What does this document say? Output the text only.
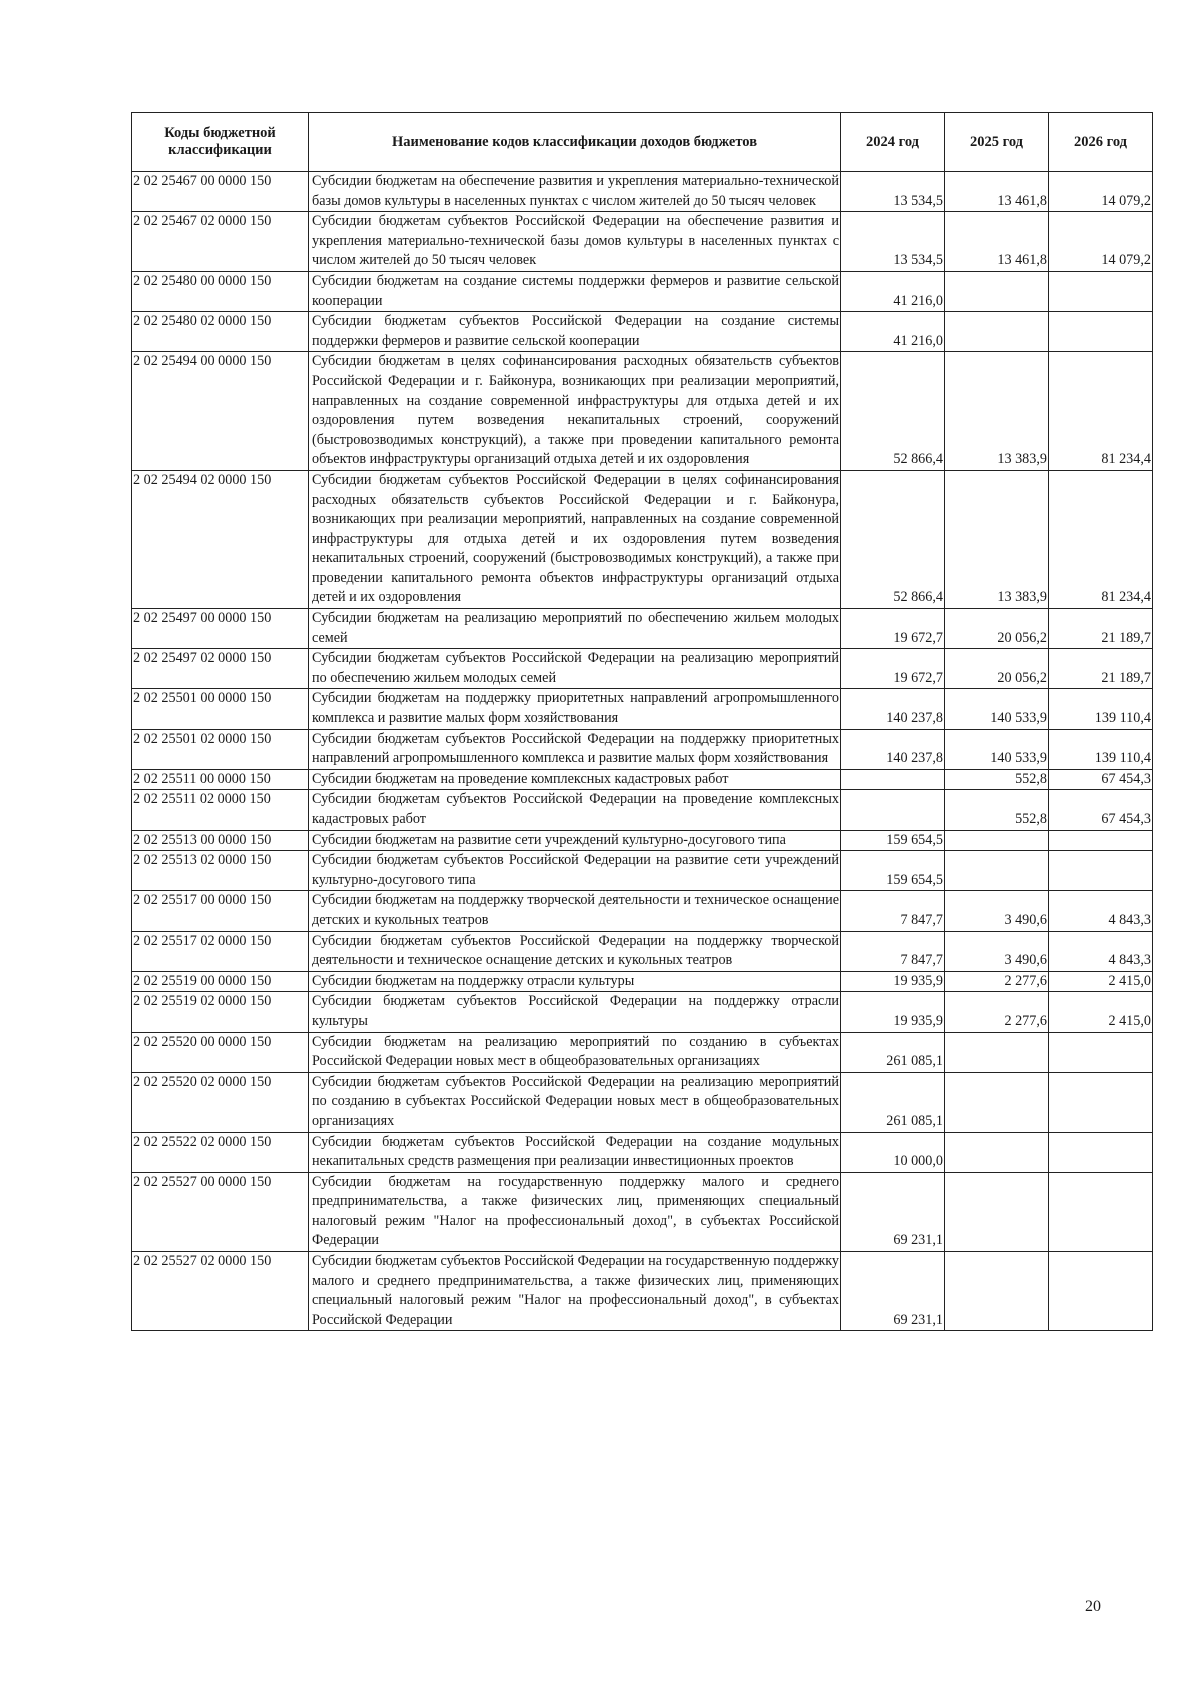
Коды бюджетной классификации	Наименование кодов классификации доходов бюджетов	2024 год	2025 год	2026 год
2 02 25467 00 0000 150	Субсидии бюджетам на обеспечение развития и укрепления материально-технической базы домов культуры в населенных пунктах с числом жителей до 50 тысяч человек	13 534,5	13 461,8	14 079,2
2 02 25467 02 0000 150	Субсидии бюджетам субъектов Российской Федерации на обеспечение развития и укрепления материально-технической базы домов культуры в населенных пунктах с числом жителей до 50 тысяч человек	13 534,5	13 461,8	14 079,2
2 02 25480 00 0000 150	Субсидии бюджетам на создание системы поддержки фермеров и развитие сельской кооперации	41 216,0		
2 02 25480 02 0000 150	Субсидии бюджетам субъектов Российской Федерации на создание системы поддержки фермеров и развитие сельской кооперации	41 216,0		
2 02 25494 00 0000 150	Субсидии бюджетам в целях софинансирования расходных обязательств субъектов Российской Федерации и г. Байконура, возникающих при реализации мероприятий, направленных на создание современной инфраструктуры для отдыха детей и их оздоровления путем возведения некапитальных строений, сооружений (быстровозводимых конструкций), а также при проведении капитального ремонта объектов инфраструктуры организаций отдыха детей и их оздоровления	52 866,4	13 383,9	81 234,4
2 02 25494 02 0000 150	Субсидии бюджетам субъектов Российской Федерации в целях софинансирования расходных обязательств субъектов Российской Федерации и г. Байконура, возникающих при реализации мероприятий, направленных на создание современной инфраструктуры для отдыха детей и их оздоровления путем возведения некапитальных строений, сооружений (быстровозводимых конструкций), а также при проведении капитального ремонта объектов инфраструктуры организаций отдыха детей и их оздоровления	52 866,4	13 383,9	81 234,4
2 02 25497 00 0000 150	Субсидии бюджетам на реализацию мероприятий по обеспечению жильем молодых семей	19 672,7	20 056,2	21 189,7
2 02 25497 02 0000 150	Субсидии бюджетам субъектов Российской Федерации на реализацию мероприятий по обеспечению жильем молодых семей	19 672,7	20 056,2	21 189,7
2 02 25501 00 0000 150	Субсидии бюджетам на поддержку приоритетных направлений агропромышленного комплекса и развитие малых форм хозяйствования	140 237,8	140 533,9	139 110,4
2 02 25501 02 0000 150	Субсидии бюджетам субъектов Российской Федерации на поддержку приоритетных направлений агропромышленного комплекса и развитие малых форм хозяйствования	140 237,8	140 533,9	139 110,4
2 02 25511 00 0000 150	Субсидии бюджетам на проведение комплексных кадастровых работ		552,8	67 454,3
2 02 25511 02 0000 150	Субсидии бюджетам субъектов Российской Федерации на проведение комплексных кадастровых работ		552,8	67 454,3
2 02 25513 00 0000 150	Субсидии бюджетам на развитие сети учреждений культурно-досугового типа	159 654,5		
2 02 25513 02 0000 150	Субсидии бюджетам субъектов Российской Федерации на развитие сети учреждений культурно-досугового типа	159 654,5		
2 02 25517 00 0000 150	Субсидии бюджетам на поддержку творческой деятельности и техническое оснащение детских и кукольных театров	7 847,7	3 490,6	4 843,3
2 02 25517 02 0000 150	Субсидии бюджетам субъектов Российской Федерации на поддержку творческой деятельности и техническое оснащение детских и кукольных театров	7 847,7	3 490,6	4 843,3
2 02 25519 00 0000 150	Субсидии бюджетам на поддержку отрасли культуры	19 935,9	2 277,6	2 415,0
2 02 25519 02 0000 150	Субсидии бюджетам субъектов Российской Федерации на поддержку отрасли культуры	19 935,9	2 277,6	2 415,0
2 02 25520 00 0000 150	Субсидии бюджетам на реализацию мероприятий по созданию в субъектах Российской Федерации новых мест в общеобразовательных организациях	261 085,1		
2 02 25520 02 0000 150	Субсидии бюджетам субъектов Российской Федерации на реализацию мероприятий по созданию в субъектах Российской Федерации новых мест в общеобразовательных организациях	261 085,1		
2 02 25522 02 0000 150	Субсидии бюджетам субъектов Российской Федерации на создание модульных некапитальных средств размещения при реализации инвестиционных проектов	10 000,0		
2 02 25527 00 0000 150	Субсидии бюджетам на государственную поддержку малого и среднего предпринимательства, а также физических лиц, применяющих специальный налоговый режим "Налог на профессиональный доход", в субъектах Российской Федерации	69 231,1		
2 02 25527 02 0000 150	Субсидии бюджетам субъектов Российской Федерации на государственную поддержку малого и среднего предпринимательства, а также физических лиц, применяющих специальный налоговый режим "Налог на профессиональный доход", в субъектах Российской Федерации	69 231,1		
20
